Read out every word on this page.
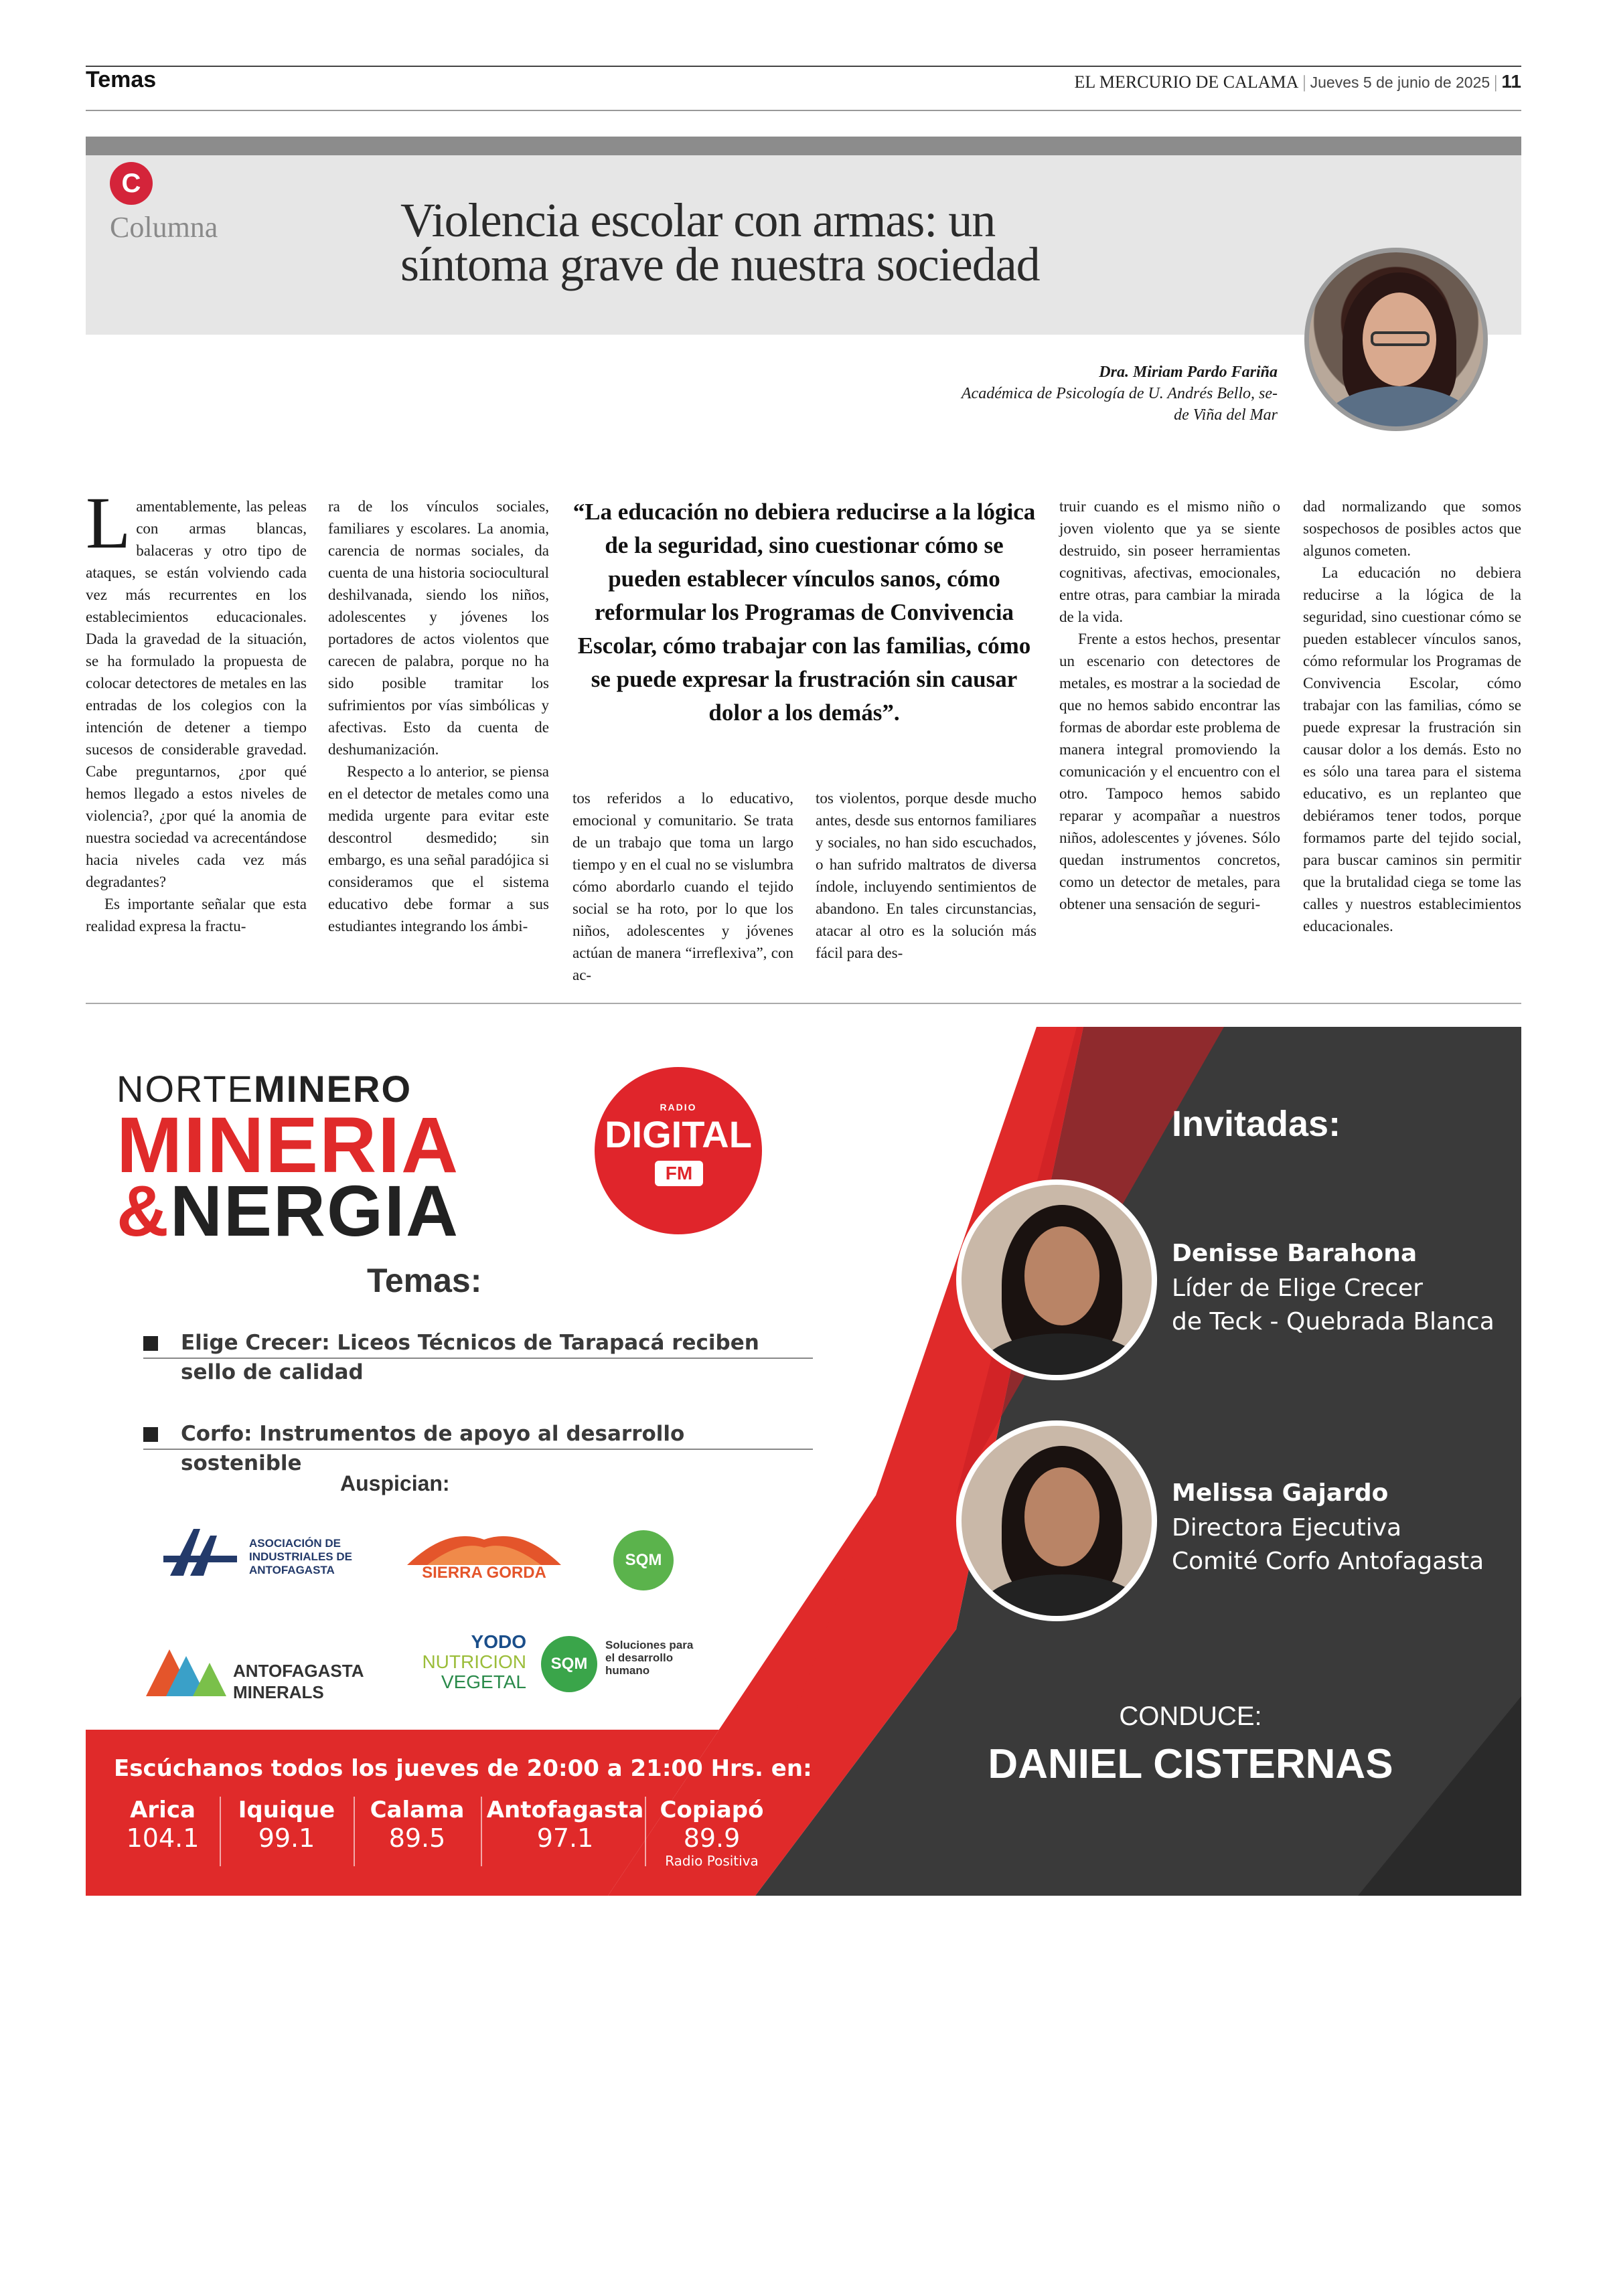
Temas	EL MERCURIO DE CALAMA | Jueves 5 de junio de 2025 | 11
C
Columna	Violencia escolar con armas: un
síntoma grave de nuestra sociedad
Dra. Miriam Pardo Fariña
Académica de Psicología de U. Andrés Bello, se-
de Viña del Mar

Lamentablemente, las peleas con armas blancas, balaceras y otro tipo de ataques, se están volviendo cada vez más recurrentes en los establecimientos educacionales. Dada la gravedad de la situación, se ha formulado la propuesta de colocar detectores de metales en las entradas de los colegios con la intención de detener a tiempo sucesos de considerable gravedad. Cabe preguntarnos, ¿por qué hemos llegado a estos niveles de violencia?, ¿por qué la anomia de nuestra sociedad va acrecentándose hacia niveles cada vez más degradantes?

Es importante señalar que esta realidad expresa la fractu-

ra de los vínculos sociales, familiares y escolares. La anomia, carencia de normas sociales, da cuenta de una historia sociocultural deshilvanada, siendo los niños, adolescentes y jóvenes los portadores de actos violentos que carecen de palabra, porque no ha sido posible tramitar los sufrimientos por vías simbólicas y afectivas. Esto da cuenta de deshumanización.

Respecto a lo anterior, se piensa en el detector de metales como una medida urgente para evitar este descontrol desmedido; sin embargo, es una señal paradójica si consideramos que el sistema educativo debe formar a sus estudiantes integrando los ámbi-

“La educación no debiera reducirse a la lógica de la seguridad, sino cuestionar cómo se pueden establecer vínculos sanos, cómo reformular los Programas de Convivencia Escolar, cómo trabajar con las familias, cómo se puede expresar la frustración sin causar dolor a los demás”.

tos referidos a lo educativo, emocional y comunitario. Se trata de un trabajo que toma un largo tiempo y en el cual no se vislumbra cómo abordarlo cuando el tejido social se ha roto, por lo que los niños, adolescentes y jóvenes actúan de manera “irreflexiva”, con ac-

tos violentos, porque desde mucho antes, desde sus entornos familiares y sociales, no han sido escuchados, o han sufrido maltratos de diversa índole, incluyendo sentimientos de abandono. En tales circunstancias, atacar al otro es la solución más fácil para des-

truir cuando es el mismo niño o joven violento que ya se siente destruido, sin poseer herramientas cognitivas, afectivas, emocionales, entre otras, para cambiar la mirada de la vida.

Frente a estos hechos, presentar un escenario con detectores de metales, es mostrar a la sociedad de que no hemos sabido encontrar las formas de abordar este problema de manera integral promoviendo la comunicación y el encuentro con el otro. Tampoco hemos sabido reparar y acompañar a nuestros niños, adolescentes y jóvenes. Sólo quedan instrumentos concretos, como un detector de metales, para obtener una sensación de seguri-

dad normalizando que somos sospechosos de posibles actos que algunos cometen.

La educación no debiera reducirse a la lógica de la seguridad, sino cuestionar cómo se pueden establecer vínculos sanos, cómo reformular los Programas de Convivencia Escolar, cómo trabajar con las familias, cómo se puede expresar la frustración sin causar dolor a los demás. Esto no es sólo una tarea para el sistema educativo, es un replanteo que debiéramos tener todos, porque formamos parte del tejido social, para buscar caminos sin permitir que la brutalidad ciega se tome las calles y nuestros establecimientos educacionales.

NORTEMINERO
MINERIA
&NERGIA
RADIO
DIGITAL
FM
Temas:
Elige Crecer: Liceos Técnicos de Tarapacá reciben sello de calidad
Corfo: Instrumentos de apoyo al desarrollo sostenible
Auspician:
ASOCIACIÓN DE INDUSTRIALES DE ANTOFAGASTA	SIERRA GORDA
SQM
ANTOFAGASTA MINERALS
YODO
NUTRICION
VEGETAL
SQM
Soluciones para el desarrollo humano
Invitadas:
Denisse Barahona
Líder de Elige Crecer
de Teck - Quebrada Blanca
Melissa Gajardo
Directora Ejecutiva
Comité Corfo Antofagasta
CONDUCE:
DANIEL CISTERNAS
Escúchanos todos los jueves de 20:00 a 21:00 Hrs. en:
Arica
104.1
Iquique
99.1
Calama
89.5
Antofagasta
97.1
Copiapó
89.9
Radio Positiva
